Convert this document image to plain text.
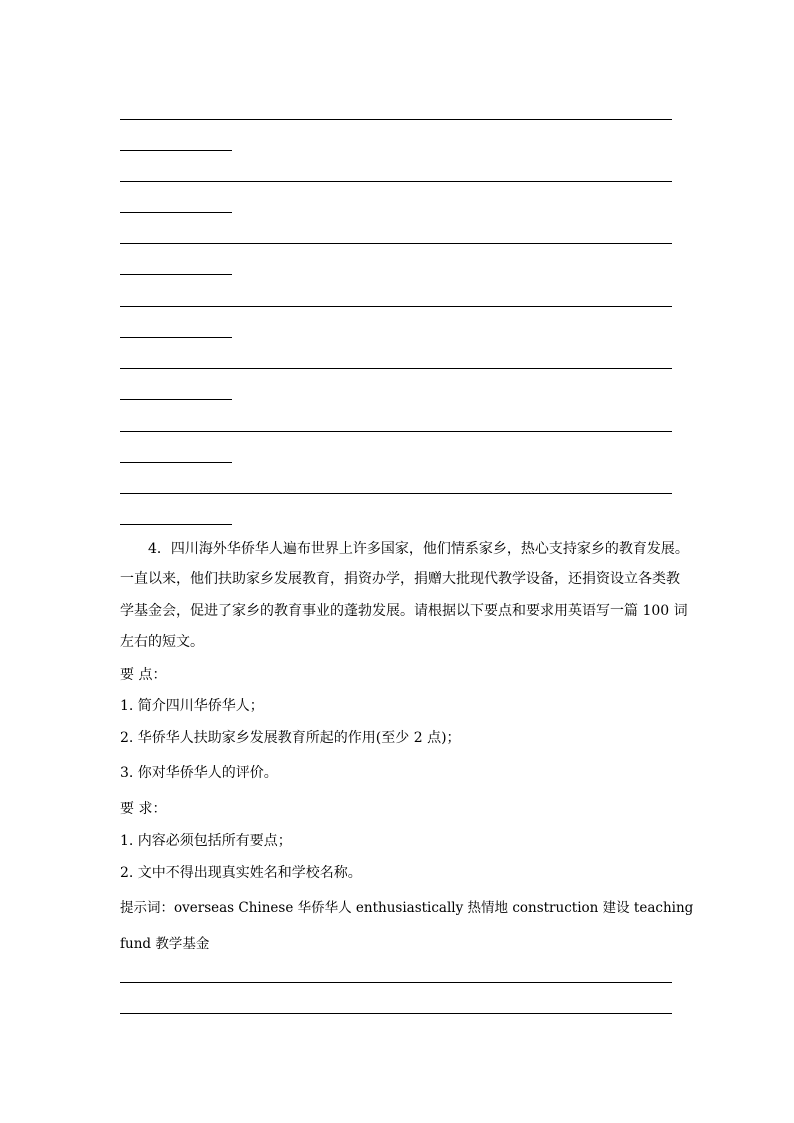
4．四川海外华侨华人遍布世界上许多国家，他们情系家乡，热心支持家乡的教育发展。
一直以来，他们扶助家乡发展教育，捐资办学，捐赠大批现代教学设备，还捐资设立各类教
学基金会，促进了家乡的教育事业的蓬勃发展。请根据以下要点和要求用英语写一篇 100 词
左右的短文。
要 点：
1. 简介四川华侨华人；
2. 华侨华人扶助家乡发展教育所起的作用(至少 2 点)；
3. 你对华侨华人的评价。
要 求：
1. 内容必须包括所有要点；
2. 文中不得出现真实姓名和学校名称。
提示词：overseas Chinese 华侨华人 enthusiastically 热情地 construction 建设 teaching
fund 教学基金
